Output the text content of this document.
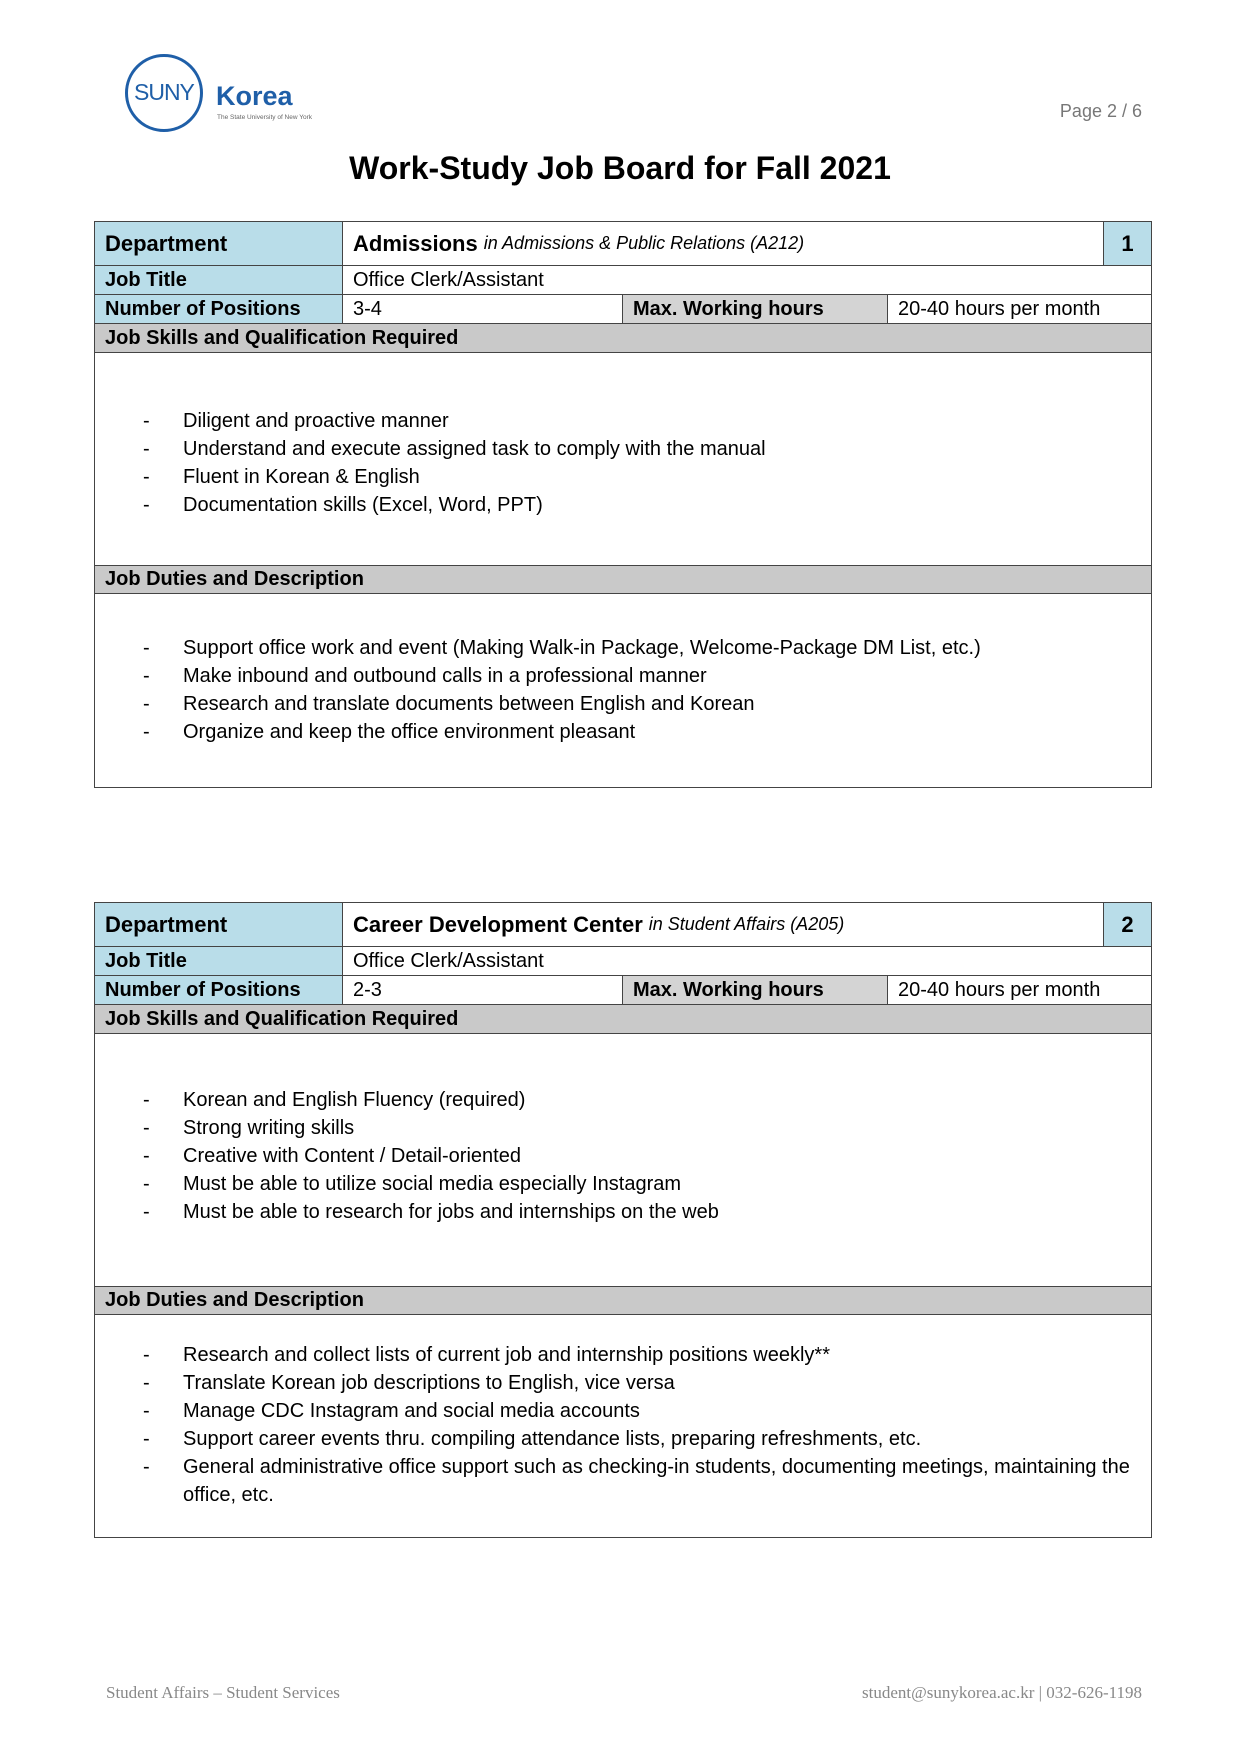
SUNY Korea
The State University of New York	Page 2 / 6
Work-Study Job Board for Fall 2021
Department	Admissions in Admissions & Public Relations (A212)	1
Job Title	Office Clerk/Assistant
Number of Positions	3-4	Max. Working hours	20-40 hours per month
Job Skills and Qualification Required
- Diligent and proactive manner
- Understand and execute assigned task to comply with the manual
- Fluent in Korean & English
- Documentation skills (Excel, Word, PPT)
Job Duties and Description
- Support office work and event (Making Walk-in Package, Welcome-Package DM List, etc.)
- Make inbound and outbound calls in a professional manner
- Research and translate documents between English and Korean
- Organize and keep the office environment pleasant
Department	Career Development Center in Student Affairs (A205)	2
Job Title	Office Clerk/Assistant
Number of Positions	2-3	Max. Working hours	20-40 hours per month
Job Skills and Qualification Required
- Korean and English Fluency (required)
- Strong writing skills
- Creative with Content / Detail-oriented
- Must be able to utilize social media especially Instagram
- Must be able to research for jobs and internships on the web
Job Duties and Description
- Research and collect lists of current job and internship positions weekly**
- Translate Korean job descriptions to English, vice versa
- Manage CDC Instagram and social media accounts
- Support career events thru. compiling attendance lists, preparing refreshments, etc.
- General administrative office support such as checking-in students, documenting meetings, maintaining the office, etc.
Student Affairs – Student Services	student@sunykorea.ac.kr | 032-626-1198
